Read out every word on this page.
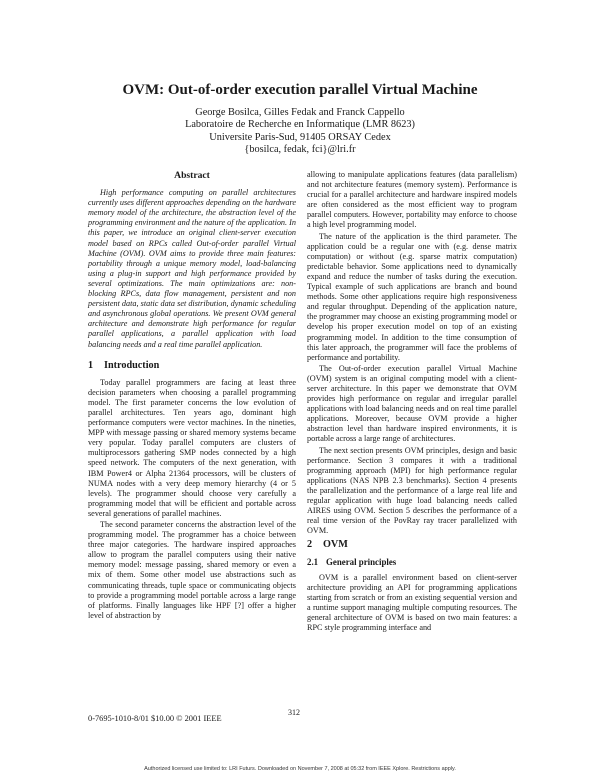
OVM: Out-of-order execution parallel Virtual Machine
George Bosilca, Gilles Fedak and Franck Cappello
Laboratoire de Recherche en Informatique (LMR 8623)
Universite Paris-Sud, 91405 ORSAY Cedex
{bosilca, fedak, fci}@lri.fr
Abstract

High performance computing on parallel architectures currently uses different approaches depending on the hardware memory model of the architecture, the abstraction level of the programming environment and the nature of the application. In this paper, we introduce an original client-server execution model based on RPCs called Out-of-order parallel Virtual Machine (OVM). OVM aims to provide three main features: portability through a unique memory model, load-balancing using a plug-in support and high performance provided by several optimizations. The main optimizations are: non-blocking RPCs, data flow management, persistent and non persistent data, static data set distribution, dynamic scheduling and asynchronous global operations. We present OVM general architecture and demonstrate high performance for regular parallel applications, a parallel application with load balancing needs and a real time parallel application.

1 Introduction

Today parallel programmers are facing at least three decision parameters when choosing a parallel programming model. The first parameter concerns the low evolution of parallel architectures. Ten years ago, dominant high performance computers were vector machines. In the nineties, MPP with message passing or shared memory systems became very popular. Today parallel computers are clusters of multiprocessors gathering SMP nodes connected by a high speed network. The computers of the next generation, with IBM Power4 or Alpha 21364 processors, will be clusters of NUMA nodes with a very deep memory hierarchy (4 or 5 levels). The programmer should choose very carefully a programming model that will be efficient and portable across several generations of parallel machines.

The second parameter concerns the abstraction level of the programming model. The programmer has a choice between three major categories. The hardware inspired approaches allow to program the parallel computers using their native memory model: message passing, shared memory or even a mix of them. Some other model use abstractions such as communicating threads, tuple space or communicating objects to provide a programming model portable across a large range of platforms. Finally languages like HPF [?] offer a higher level of abstraction by

allowing to manipulate applications features (data parallelism) and not architecture features (memory system). Performance is crucial for a parallel architecture and hardware inspired models are often considered as the most efficient way to program parallel computers. However, portability may enforce to choose a high level programming model.

The nature of the application is the third parameter. The application could be a regular one with (e.g. dense matrix computation) or without (e.g. sparse matrix computation) predictable behavior. Some applications need to dynamically expand and reduce the number of tasks during the execution. Typical example of such applications are branch and bound methods. Some other applications require high responsiveness and regular throughput. Depending of the application nature, the programmer may choose an existing programming model or develop his proper execution model on top of an existing programming model. In addition to the time consumption of this later approach, the programmer will face the problems of performance and portability.

The Out-of-order execution parallel Virtual Machine (OVM) system is an original computing model with a client-server architecture. In this paper we demonstrate that OVM provides high performance on regular and irregular parallel applications with load balancing needs and on real time parallel applications. Moreover, because OVM provide a higher abstraction level than hardware inspired environments, it is portable across a large range of architectures.

The next section presents OVM principles, design and basic performance. Section 3 compares it with a traditional programming approach (MPI) for high performance regular applications (NAS NPB 2.3 benchmarks). Section 4 presents the parallelization and the performance of a large real life and regular application with huge load balancing needs called AIRES using OVM. Section 5 describes the performance of a real time version of the PovRay ray tracer parallelized with OVM.

2 OVM
2.1 General principles

OVM is a parallel environment based on client-server architecture providing an API for programming applications starting from scratch or from an existing sequential version and a runtime support managing multiple computing resources. The general architecture of OVM is based on two main features: a RPC style programming interface and

0-7695-1010-8/01 $10.00 © 2001 IEEE
312
Authorized licensed use limited to: LRI Futurs. Downloaded on November 7, 2008 at 05:32 from IEEE Xplore. Restrictions apply.
